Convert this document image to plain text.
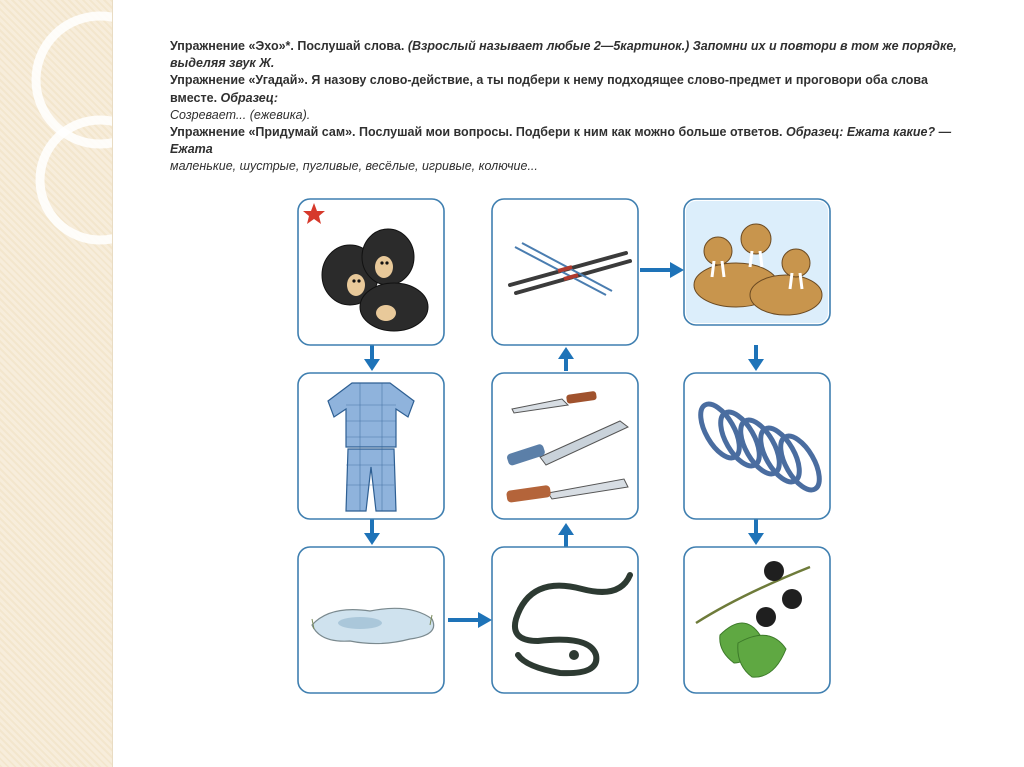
Упражнение «Эхо»*. Послушай слова. (Взрослый называет любые 2—5картинок.) Запомни их и повтори в том же порядке,
выделяя звук Ж.

Упражнение «Угадай». Я назову слово-действие, а ты подбери к нему подходящее слово-предмет и проговори оба слова
вместе. Образец:
Созревает... (ежевика).

Упражнение «Придумай сам». Послушай мои вопросы. Подбери к ним как можно больше ответов. Образец: Ежата какие? —
Ежата
маленькие, шустрые, пугливые, весёлые, игривые, колючие...
